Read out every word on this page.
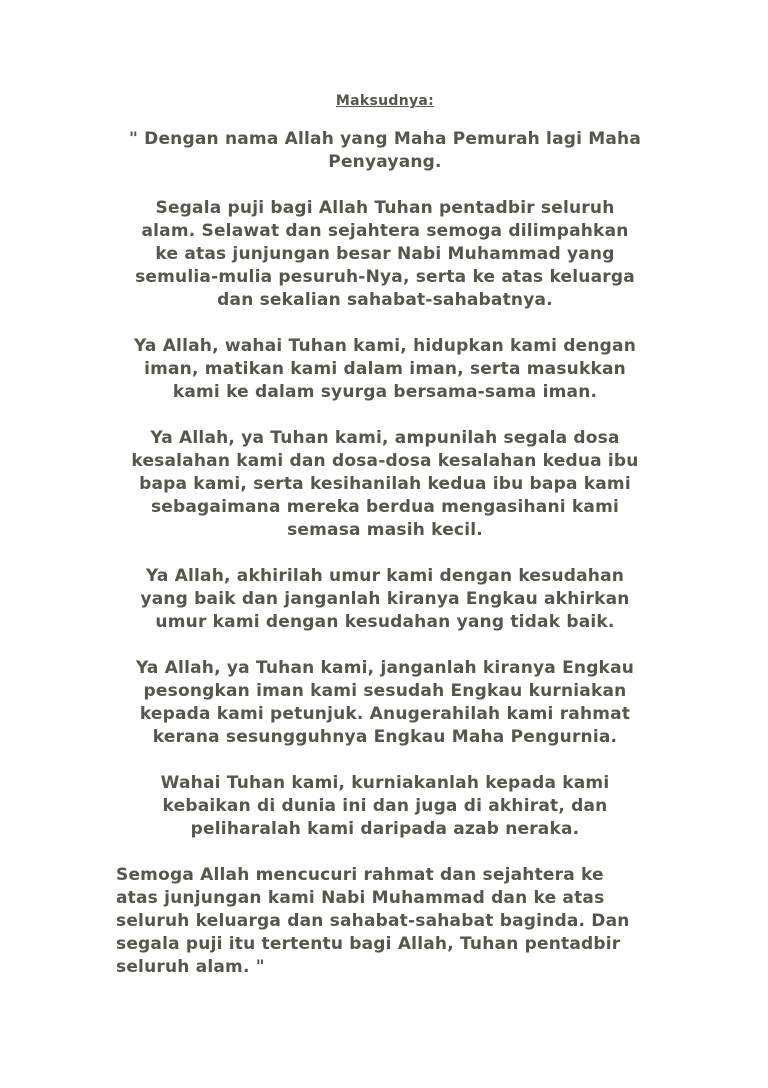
Maksudnya:
" Dengan nama Allah yang Maha Pemurah lagi Maha
Penyayang.
Segala puji bagi Allah Tuhan pentadbir seluruh
alam. Selawat dan sejahtera semoga dilimpahkan
ke atas junjungan besar Nabi Muhammad yang
semulia-mulia pesuruh-Nya, serta ke atas keluarga
dan sekalian sahabat-sahabatnya.
Ya Allah, wahai Tuhan kami, hidupkan kami dengan
iman, matikan kami dalam iman, serta masukkan
kami ke dalam syurga bersama-sama iman.
Ya Allah, ya Tuhan kami, ampunilah segala dosa
kesalahan kami dan dosa-dosa kesalahan kedua ibu
bapa kami, serta kesihanilah kedua ibu bapa kami
sebagaimana mereka berdua mengasihani kami
semasa masih kecil.
Ya Allah, akhirilah umur kami dengan kesudahan
yang baik dan janganlah kiranya Engkau akhirkan
umur kami dengan kesudahan yang tidak baik.
Ya Allah, ya Tuhan kami, janganlah kiranya Engkau
pesongkan iman kami sesudah Engkau kurniakan
kepada kami petunjuk. Anugerahilah kami rahmat
kerana sesungguhnya Engkau Maha Pengurnia.
Wahai Tuhan kami, kurniakanlah kepada kami
kebaikan di dunia ini dan juga di akhirat, dan
peliharalah kami daripada azab neraka.
Semoga Allah mencucuri rahmat dan sejahtera ke
atas junjungan kami Nabi Muhammad dan ke atas
seluruh keluarga dan sahabat-sahabat baginda. Dan
segala puji itu tertentu bagi Allah, Tuhan pentadbir
seluruh alam. "
